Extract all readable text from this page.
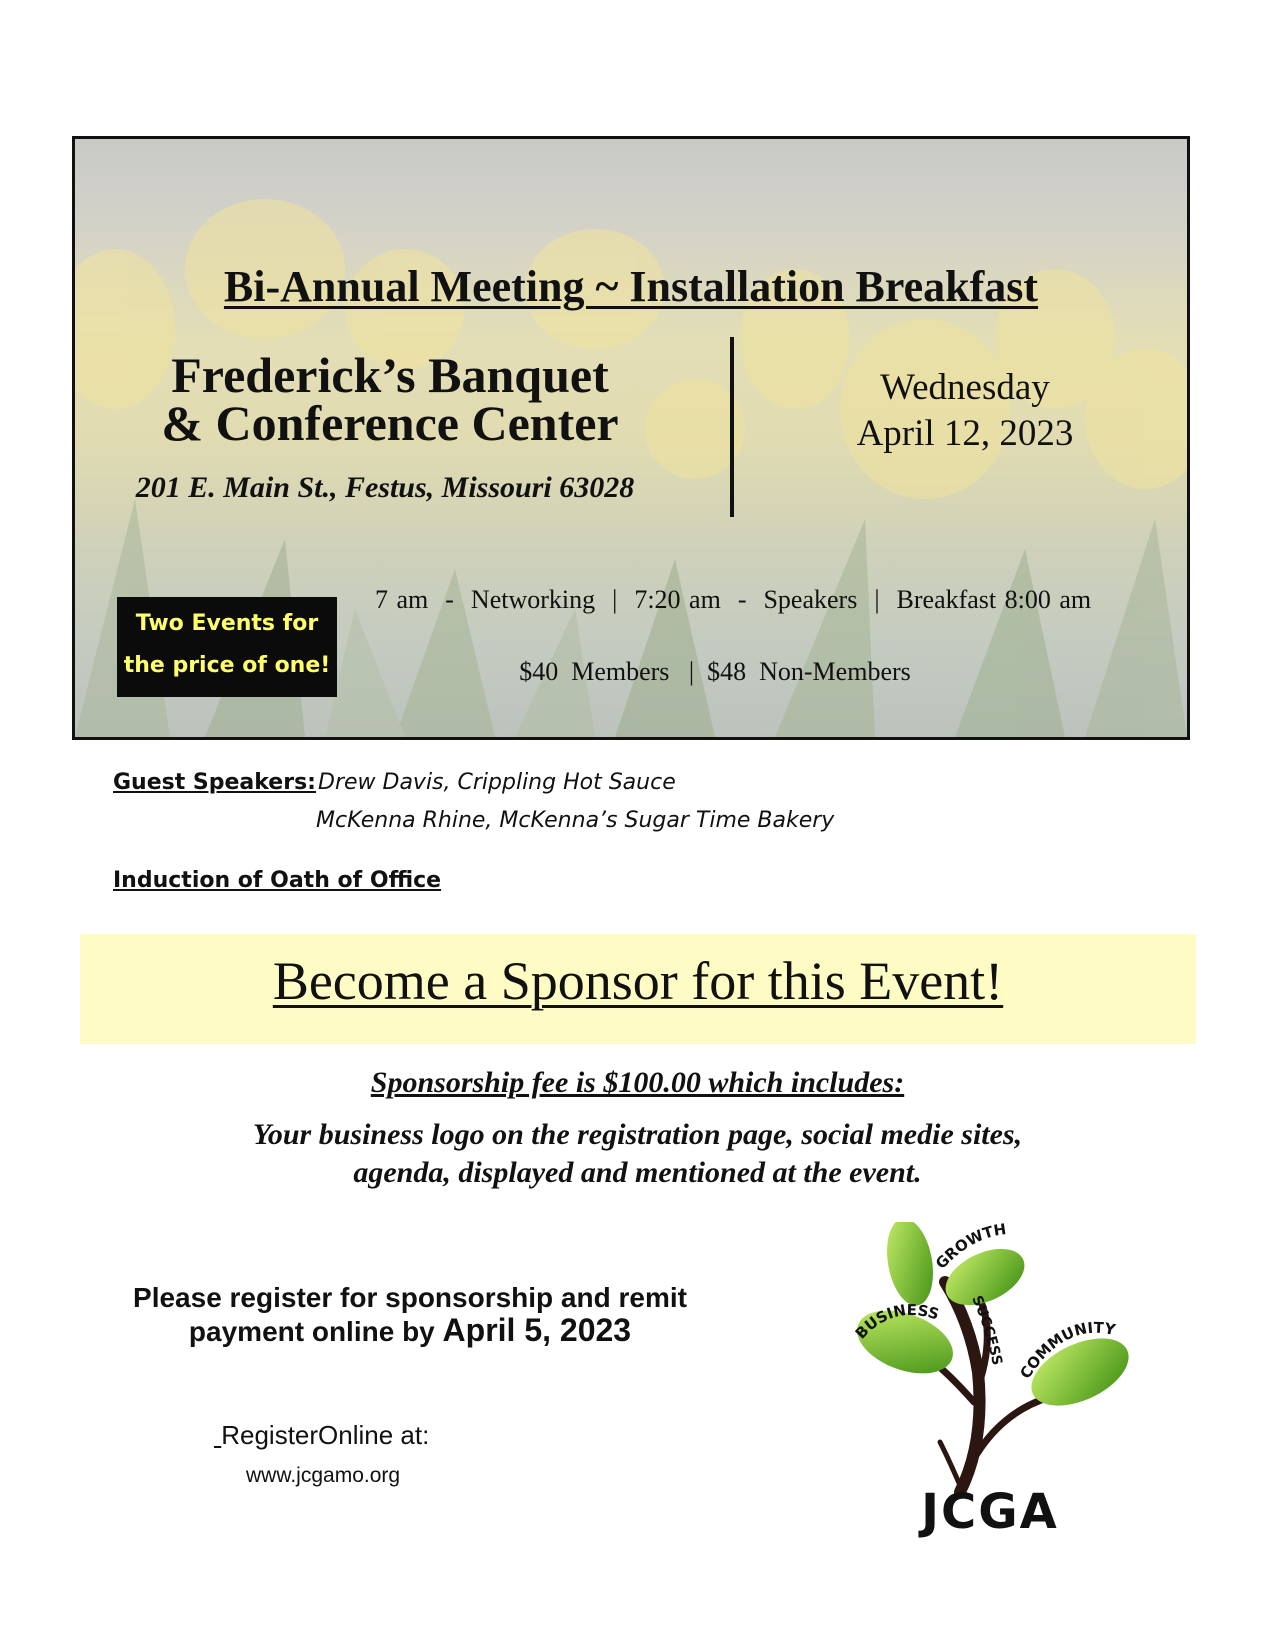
Bi-Annual Meeting ~ Installation Breakfast
Frederick’s Banquet
& Conference Center
201 E. Main St., Festus, Missouri 63028
Wednesday
April 12, 2023
Two Events for
the price of one!
7 am  -  Networking  |  7:20 am  -  Speakers  |  Breakfast 8:00 am
$40  Members   |  $48  Non-Members
Guest Speakers: Drew Davis, Crippling Hot Sauce
McKenna Rhine, McKenna’s Sugar Time Bakery
Induction of Oath of Office
Become a Sponsor for this Event!
Sponsorship fee is $100.00 which includes:
Your business logo on the registration page, social medie sites,
agenda, displayed and mentioned at the event.
Please register for sponsorship and remit
payment online by April 5, 2023
RegisterOnline at:
www.jcgamo.org
GROWTH
BUSINESS
COMMUNITY
SUCCESS
JCGA
